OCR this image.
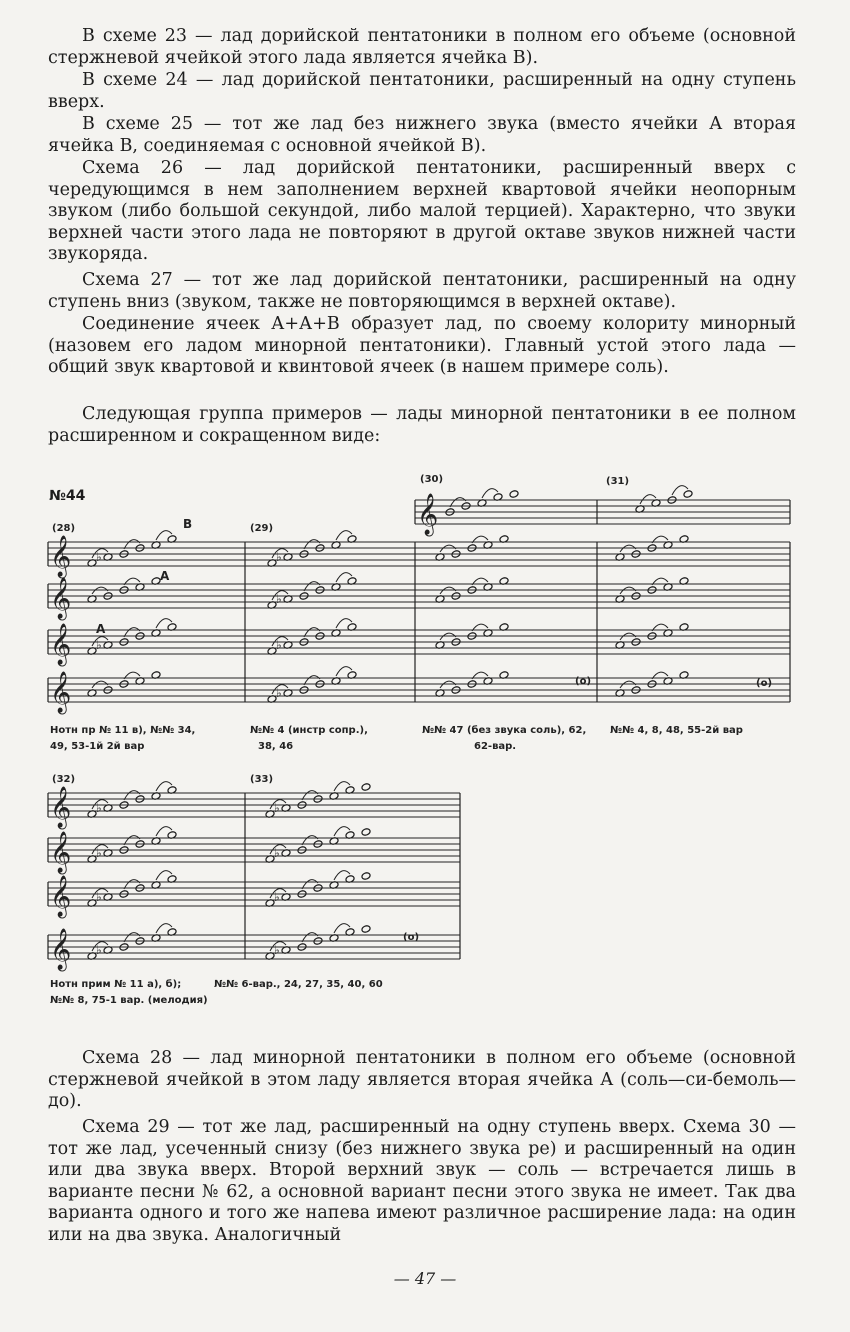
В схеме 23 — лад дорийской пентатоники в полном его объеме (основной стержневой ячейкой этого лада является ячейка В).

В схеме 24 — лад дорийской пентатоники, расширенный на одну ступень вверх.

В схеме 25 — тот же лад без нижнего звука (вместо ячейки А вторая ячейка В, соединяемая с основной ячейкой В).

Схема 26 — лад дорийской пентатоники, расширенный вверх с чередующимся в нем заполнением верхней квартовой ячейки неопорным звуком (либо большой секундой, либо малой терцией). Характерно, что звуки верхней части этого лада не повторяют в другой октаве звуков нижней части звукоряда.

Схема 27 — тот же лад дорийской пентатоники, расширенный на одну ступень вниз (звуком, также не повторяющимся в верхней октаве).

Соединение ячеек А+А+В образует лад, по своему колориту минорный (назовем его ладом минорной пентатоники). Главный устой этого лада — общий звук квартовой и квинтовой ячеек (в нашем примере соль).

Следующая группа примеров — лады минорной пентатоники в ее полном расширенном и сокращенном виде:

№44
(28)	(29)
(30)	(31)
(32)	(33)
В
А
А
(о)	(о)
(о)
Нотн пр № 11 в), №№ 34,
49, 53-1й 2й вар
№№ 4 (инстр сопр.),
38, 46
№№ 47 (без звука соль), 62,
62-вар.
№№ 4, 8, 48, 55-2й вар
Нотн прим № 11 а), б);
№№ 8, 75-1 вар. (мелодия)
№№ 6-вар., 24, 27, 35, 40, 60
𝄞
𝄞
𝄞
𝄞
𝄞
♭	♭
♭
♭	♭
♭
𝄞
𝄞
𝄞
𝄞
♭	♭
♭	♭
♭	♭
♭	♭

Схема 28 — лад минорной пентатоники в полном его объеме (основной стержневой ячейкой в этом ладу является вторая ячейка А (соль—си-бемоль—до).

Схема 29 — тот же лад, расширенный на одну ступень вверх. Схема 30 — тот же лад, усеченный снизу (без нижнего звука ре) и расширенный на один или два звука вверх. Второй верхний звук — соль — встречается лишь в варианте песни № 62, а основной вариант песни этого звука не имеет. Так два варианта одного и того же напева имеют различное расширение лада: на один или на два звука. Аналогичный

— 47 —
